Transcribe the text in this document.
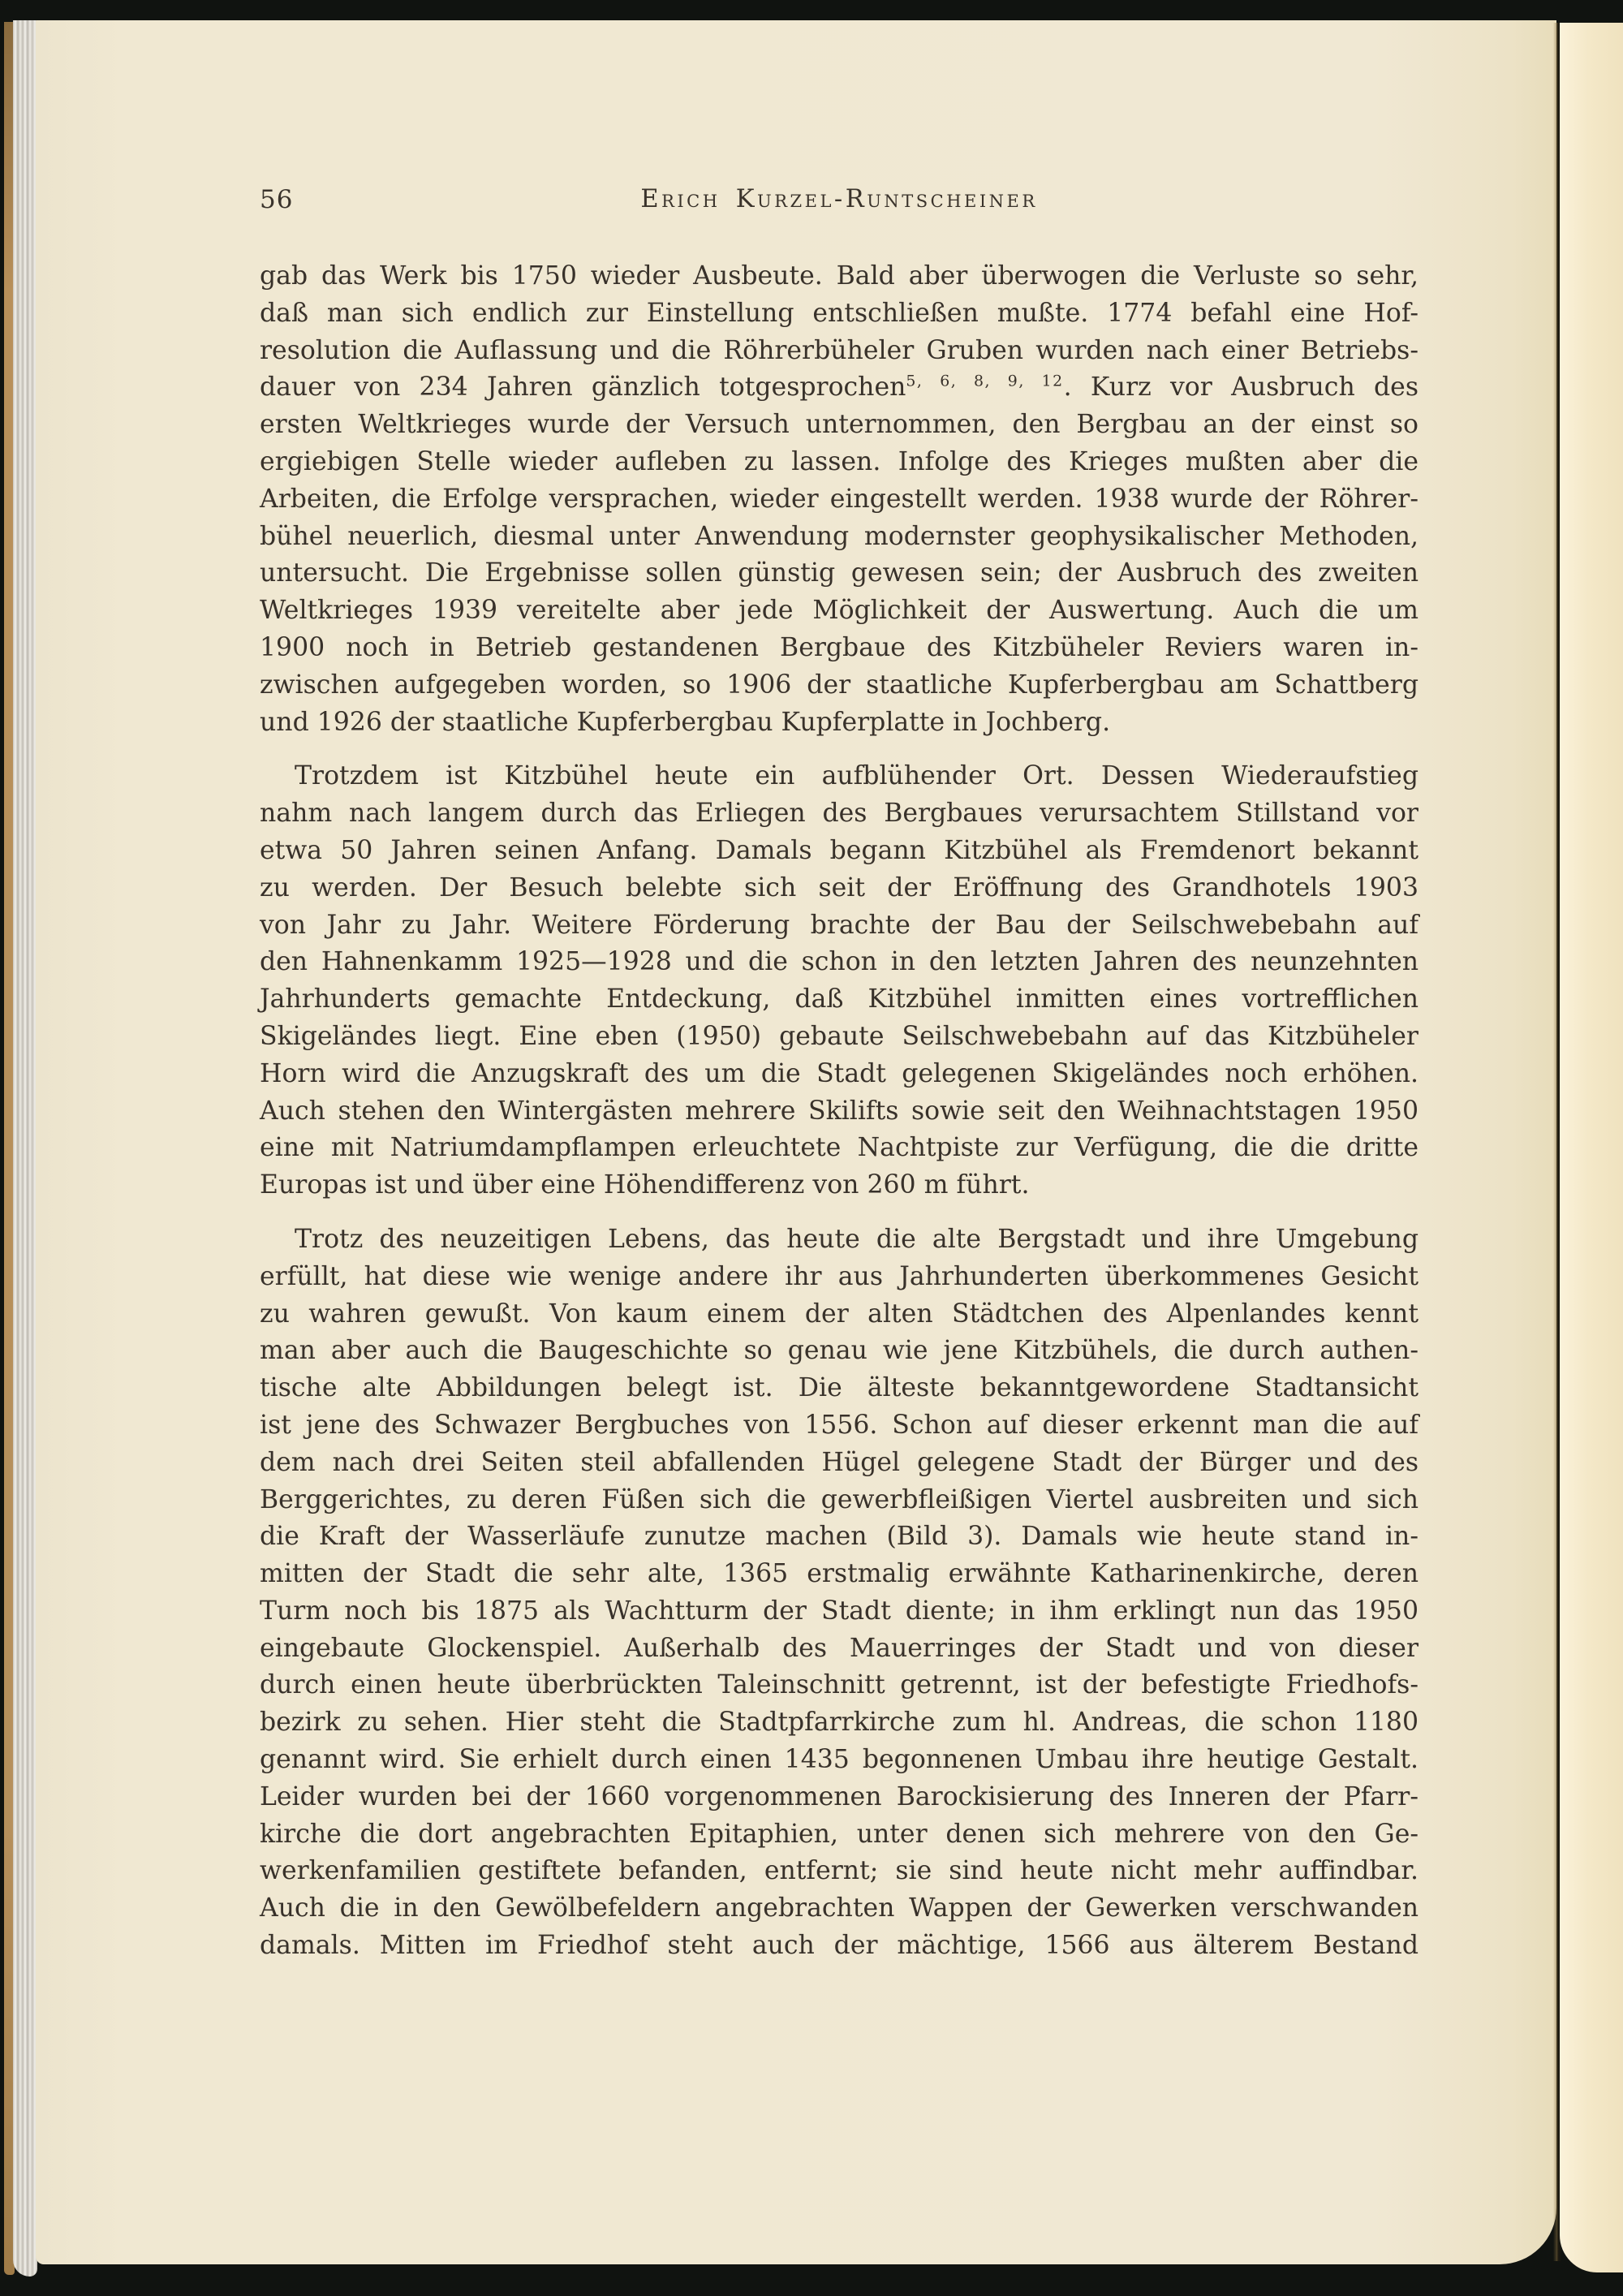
56	Erich Kurzel-Runtscheiner
gab das Werk bis 1750 wieder Ausbeute. Bald aber überwogen die Verluste so sehr,
daß man sich endlich zur Einstellung entschließen mußte. 1774 befahl eine Hof-
resolution die Auflassung und die Röhrerbüheler Gruben wurden nach einer Betriebs-
dauer von 234 Jahren gänzlich totgesprochen$^{5, 6, 8, 9, 12}$. Kurz vor Ausbruch des
ersten Weltkrieges wurde der Versuch unternommen, den Bergbau an der einst so
ergiebigen Stelle wieder aufleben zu lassen. Infolge des Krieges mußten aber die
Arbeiten, die Erfolge versprachen, wieder eingestellt werden. 1938 wurde der Röhrer-
bühel neuerlich, diesmal unter Anwendung modernster geophysikalischer Methoden,
untersucht. Die Ergebnisse sollen günstig gewesen sein; der Ausbruch des zweiten
Weltkrieges 1939 vereitelte aber jede Möglichkeit der Auswertung. Auch die um
1900 noch in Betrieb gestandenen Bergbaue des Kitzbüheler Reviers waren in-
zwischen aufgegeben worden, so 1906 der staatliche Kupferbergbau am Schattberg
und 1926 der staatliche Kupferbergbau Kupferplatte in Jochberg.
Trotzdem ist Kitzbühel heute ein aufblühender Ort. Dessen Wiederaufstieg
nahm nach langem durch das Erliegen des Bergbaues verursachtem Stillstand vor
etwa 50 Jahren seinen Anfang. Damals begann Kitzbühel als Fremdenort bekannt
zu werden. Der Besuch belebte sich seit der Eröffnung des Grandhotels 1903
von Jahr zu Jahr. Weitere Förderung brachte der Bau der Seilschwebebahn auf
den Hahnenkamm 1925—1928 und die schon in den letzten Jahren des neunzehnten
Jahrhunderts gemachte Entdeckung, daß Kitzbühel inmitten eines vortrefflichen
Skigeländes liegt. Eine eben (1950) gebaute Seilschwebebahn auf das Kitzbüheler
Horn wird die Anzugskraft des um die Stadt gelegenen Skigeländes noch erhöhen.
Auch stehen den Wintergästen mehrere Skilifts sowie seit den Weihnachtstagen 1950
eine mit Natriumdampflampen erleuchtete Nachtpiste zur Verfügung, die die dritte
Europas ist und über eine Höhendifferenz von 260 m führt.
Trotz des neuzeitigen Lebens, das heute die alte Bergstadt und ihre Umgebung
erfüllt, hat diese wie wenige andere ihr aus Jahrhunderten überkommenes Gesicht
zu wahren gewußt. Von kaum einem der alten Städtchen des Alpenlandes kennt
man aber auch die Baugeschichte so genau wie jene Kitzbühels, die durch authen-
tische alte Abbildungen belegt ist. Die älteste bekanntgewordene Stadtansicht
ist jene des Schwazer Bergbuches von 1556. Schon auf dieser erkennt man die auf
dem nach drei Seiten steil abfallenden Hügel gelegene Stadt der Bürger und des
Berggerichtes, zu deren Füßen sich die gewerbfleißigen Viertel ausbreiten und sich
die Kraft der Wasserläufe zunutze machen (Bild 3). Damals wie heute stand in-
mitten der Stadt die sehr alte, 1365 erstmalig erwähnte Katharinenkirche, deren
Turm noch bis 1875 als Wachtturm der Stadt diente; in ihm erklingt nun das 1950
eingebaute Glockenspiel. Außerhalb des Mauerringes der Stadt und von dieser
durch einen heute überbrückten Taleinschnitt getrennt, ist der befestigte Friedhofs-
bezirk zu sehen. Hier steht die Stadtpfarrkirche zum hl. Andreas, die schon 1180
genannt wird. Sie erhielt durch einen 1435 begonnenen Umbau ihre heutige Gestalt.
Leider wurden bei der 1660 vorgenommenen Barockisierung des Inneren der Pfarr-
kirche die dort angebrachten Epitaphien, unter denen sich mehrere von den Ge-
werkenfamilien gestiftete befanden, entfernt; sie sind heute nicht mehr auffindbar.
Auch die in den Gewölbefeldern angebrachten Wappen der Gewerken verschwanden
damals. Mitten im Friedhof steht auch der mächtige, 1566 aus älterem Bestand
